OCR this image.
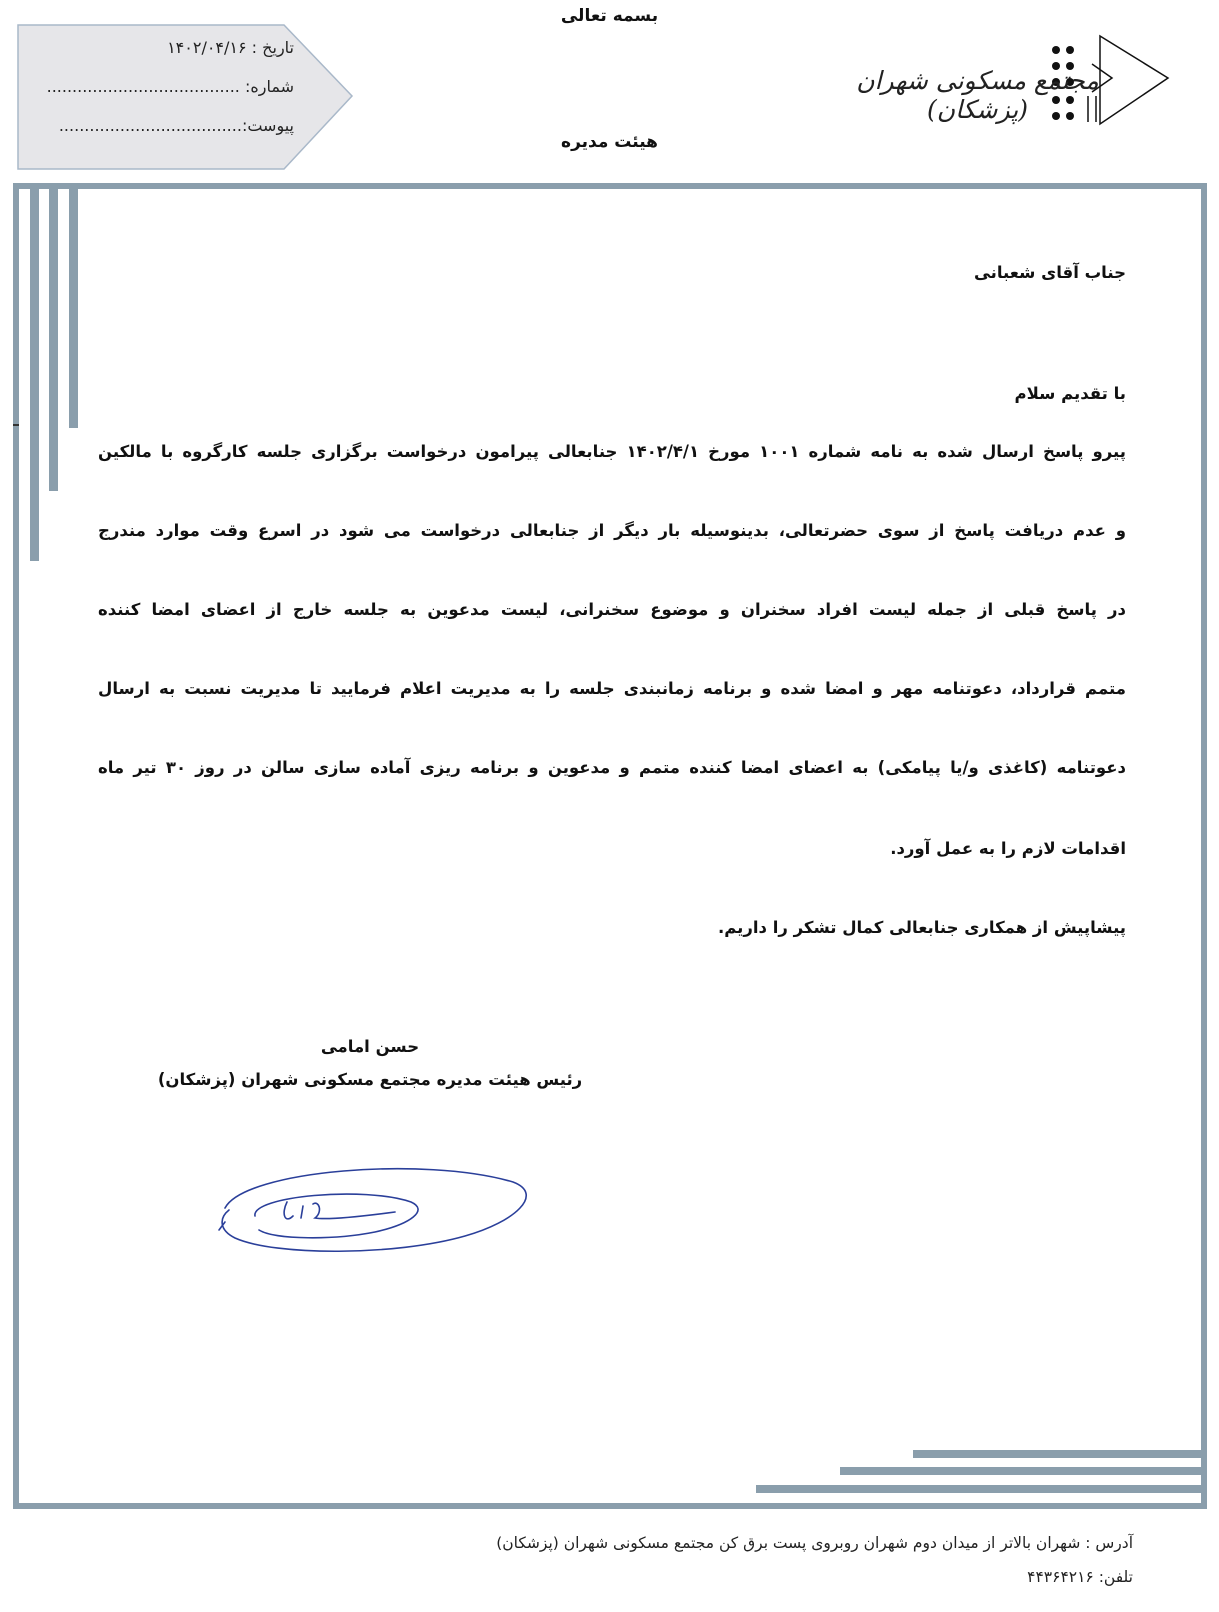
بسمه تعالی
تاریخ : ۱۴۰۲/۰۴/۱۶
شماره: ......................................
پیوست:....................................
مجتمع مسکونی شهران (پزشکان)
هیئت مدیره
جناب آقای شعبانی
با تقدیم سلام
پیرو پاسخ ارسال شده به نامه شماره ۱۰۰۱ مورخ ۱۴۰۲/۴/۱ جنابعالی پیرامون درخواست برگزاری جلسه کارگروه با مالکین
و عدم دریافت پاسخ از سوی حضرتعالی، بدینوسیله بار دیگر از جنابعالی درخواست می شود در اسرع وقت موارد مندرج
در پاسخ قبلی از جمله لیست افراد سخنران و موضوع سخنرانی، لیست مدعوین به جلسه خارج از اعضای امضا کننده
متمم قرارداد، دعوتنامه مهر و امضا شده و برنامه زمانبندی جلسه را به مدیریت اعلام فرمایید تا مدیریت نسبت به ارسال
دعوتنامه (کاغذی و/یا پیامکی) به اعضای امضا کننده متمم و مدعوین و برنامه ریزی آماده سازی سالن در روز ۳۰ تیر ماه
اقدامات لازم را به عمل آورد.
پیشاپیش از همکاری جنابعالی کمال تشکر را داریم.
حسن امامی
رئیس هیئت مدیره مجتمع مسکونی شهران (پزشکان)
آدرس : شهران بالاتر از میدان دوم شهران روبروی پست برق کن مجتمع مسکونی شهران (پزشکان)
تلفن: ۴۴۳۶۴۲۱۶
